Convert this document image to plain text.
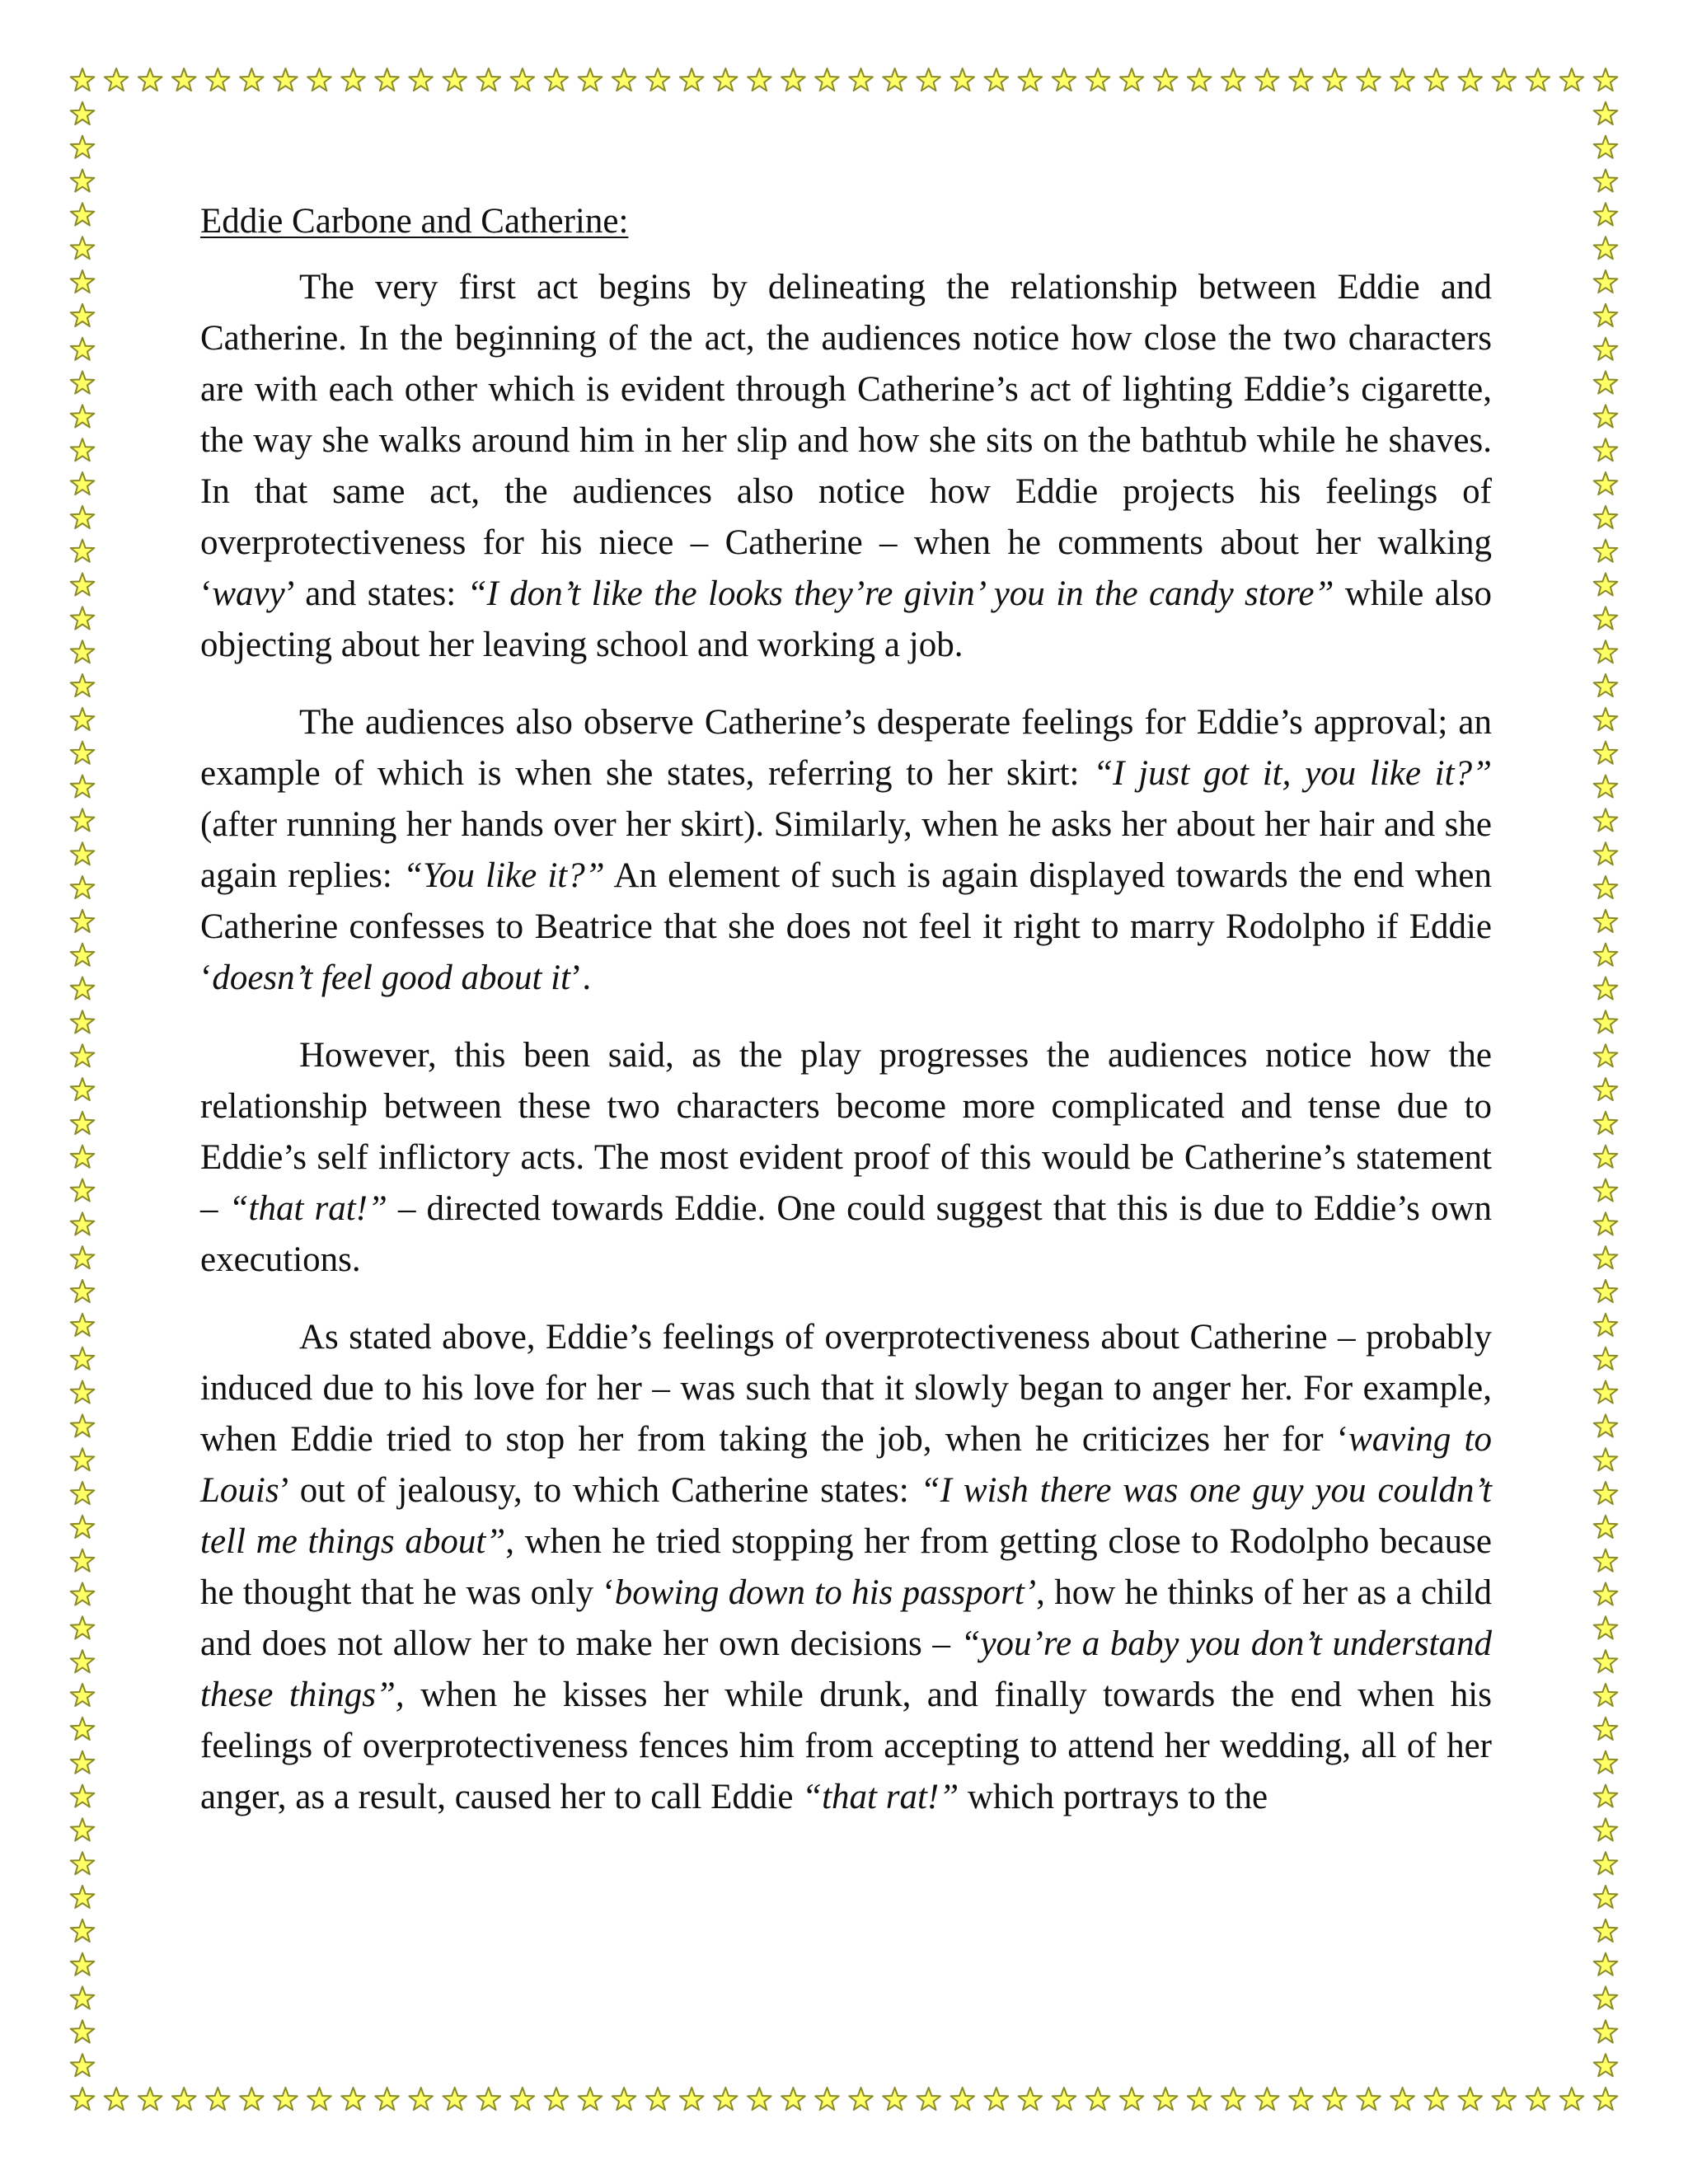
Eddie Carbone and Catherine:

The very first act begins by delineating the relationship between Eddie and Catherine. In the beginning of the act, the audiences notice how close the two characters are with each other which is evident through Catherine’s act of lighting Eddie’s cigarette, the way she walks around him in her slip and how she sits on the bathtub while he shaves. In that same act, the audiences also notice how Eddie projects his feelings of overprotectiveness for his niece – Catherine – when he comments about her walking ‘wavy’ and states: “I don’t like the looks they’re givin’ you in the candy store” while also objecting about her leaving school and working a job.

The audiences also observe Catherine’s desperate feelings for Eddie’s approval; an example of which is when she states, referring to her skirt: “I just got it, you like it?” (after running her hands over her skirt). Similarly, when he asks her about her hair and she again replies: “You like it?” An element of such is again displayed towards the end when Catherine confesses to Beatrice that she does not feel it right to marry Rodolpho if Eddie ‘doesn’t feel good about it’.

However, this been said, as the play progresses the audiences notice how the relationship between these two characters become more complicated and tense due to Eddie’s self inflictory acts. The most evident proof of this would be Catherine’s statement – “that rat!” – directed towards Eddie. One could suggest that this is due to Eddie’s own executions.

As stated above, Eddie’s feelings of overprotectiveness about Catherine – probably induced due to his love for her – was such that it slowly began to anger her. For example, when Eddie tried to stop her from taking the job, when he criticizes her for ‘waving to Louis’ out of jealousy, to which Catherine states: “I wish there was one guy you couldn’t tell me things about”, when he tried stopping her from getting close to Rodolpho because he thought that he was only ‘bowing down to his passport’, how he thinks of her as a child and does not allow her to make her own decisions – “you’re a baby you don’t understand these things”, when he kisses her while drunk, and finally towards the end when his feelings of overprotectiveness fences him from accepting to attend her wedding, all of her anger, as a result, caused her to call Eddie “that rat!” which portrays to the
